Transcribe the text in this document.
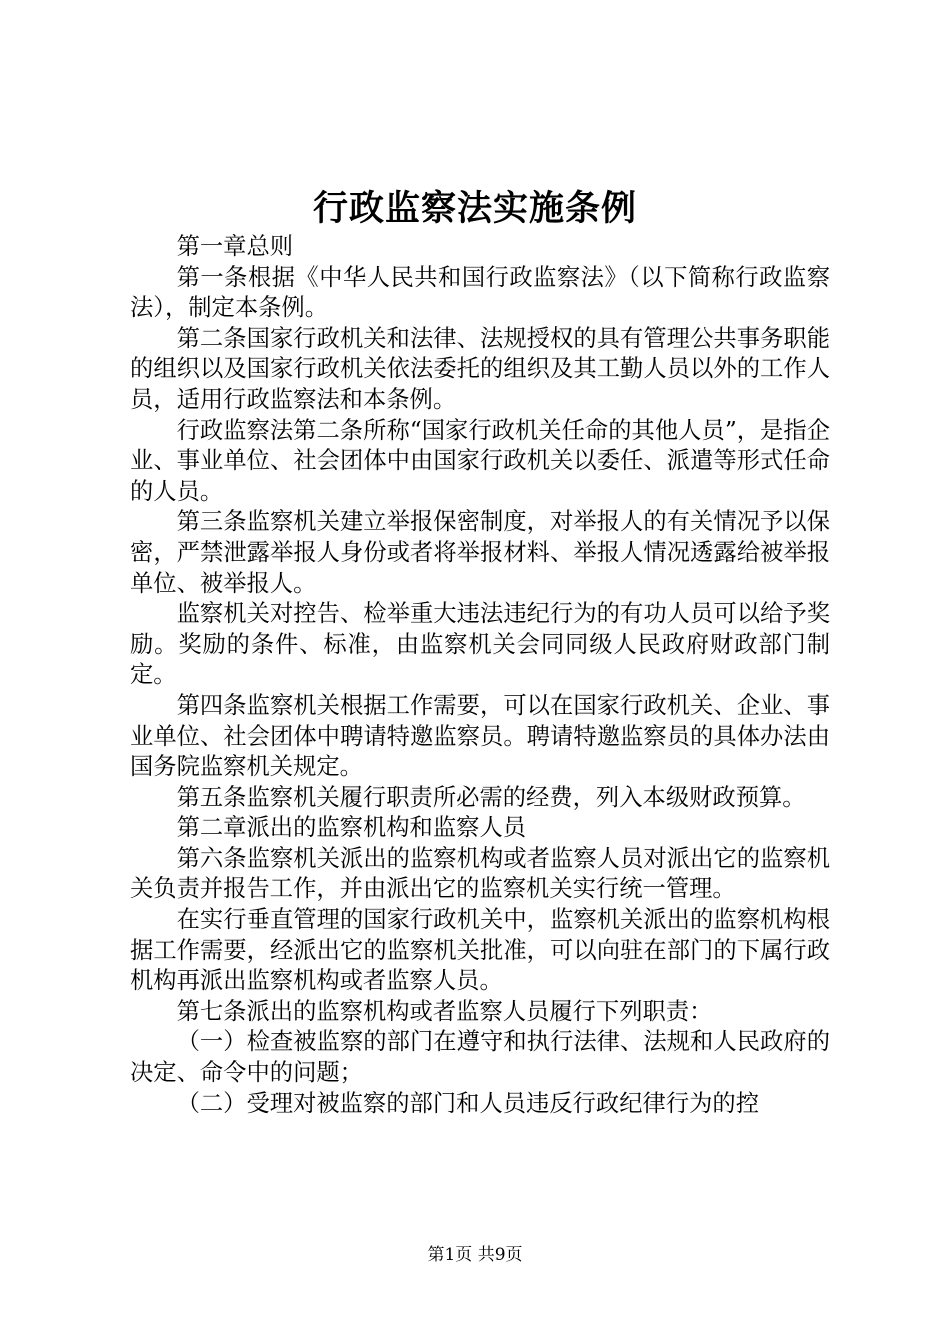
行政监察法实施条例

第一章总则

第一条根据《中华人民共和国行政监察法》（以下简称行政监察法），制定本条例。

第二条国家行政机关和法律、法规授权的具有管理公共事务职能的组织以及国家行政机关依法委托的组织及其工勤人员以外的工作人员，适用行政监察法和本条例。

行政监察法第二条所称“国家行政机关任命的其他人员”，是指企业、事业单位、社会团体中由国家行政机关以委任、派遣等形式任命的人员。

第三条监察机关建立举报保密制度，对举报人的有关情况予以保密，严禁泄露举报人身份或者将举报材料、举报人情况透露给被举报单位、被举报人。

监察机关对控告、检举重大违法违纪行为的有功人员可以给予奖励。奖励的条件、标准，由监察机关会同同级人民政府财政部门制定。

第四条监察机关根据工作需要，可以在国家行政机关、企业、事业单位、社会团体中聘请特邀监察员。聘请特邀监察员的具体办法由国务院监察机关规定。

第五条监察机关履行职责所必需的经费，列入本级财政预算。

第二章派出的监察机构和监察人员

第六条监察机关派出的监察机构或者监察人员对派出它的监察机关负责并报告工作，并由派出它的监察机关实行统一管理。

在实行垂直管理的国家行政机关中，监察机关派出的监察机构根据工作需要，经派出它的监察机关批准，可以向驻在部门的下属行政机构再派出监察机构或者监察人员。

第七条派出的监察机构或者监察人员履行下列职责：

（一）检查被监察的部门在遵守和执行法律、法规和人民政府的决定、命令中的问题；

（二）受理对被监察的部门和人员违反行政纪律行为的控

第1页 共9页
